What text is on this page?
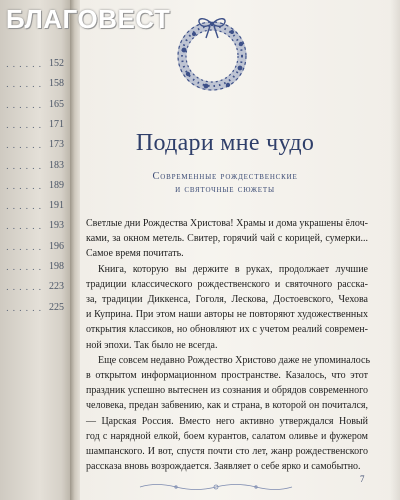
БЛАГОВЕСТ
. . . . . . 152
. . . . . . 158
. . . . . . 165
. . . . . . 171
. . . . . . 173
. . . . . . 183
. . . . . . 189
. . . . . . 191
. . . . . . 193
. . . . . . 196
. . . . . . 198
. . . . . . 223
. . . . . . 225
Подари мне чудо
Современные рождественские
и святочные сюжеты

Светлые дни Рождества Христова! Храмы и дома украшены ёлоч-
ками, за окном метель. Свитер, горячий чай с корицей, сумерки...
Самое время почитать.

Книга, которую вы держите в руках, продолжает лучшие
традиции классического рождественского и святочного расска-
за, традиции Диккенса, Гоголя, Лескова, Достоевского, Чехова
и Куприна. При этом наши авторы не повторяют художественных
открытия классиков, но обновляют их с учетом реалий современ-
ной эпохи. Так было не всегда.

Еще совсем недавно Рождество Христово даже не упоминалось
в открытом информационном пространстве. Казалось, что этот
праздник успешно вытеснен из сознания и обрядов современного
человека, предан забвению, как и страна, в которой он почитался,
— Царская Россия. Вместо него активно утверждался Новый
год с нарядной елкой, боем курантов, салатом оливье и фужером
шампанского. И вот, спустя почти сто лет, жанр рождественского
рассказа вновь возрождается. Заявляет о себе ярко и самобытно.

7
